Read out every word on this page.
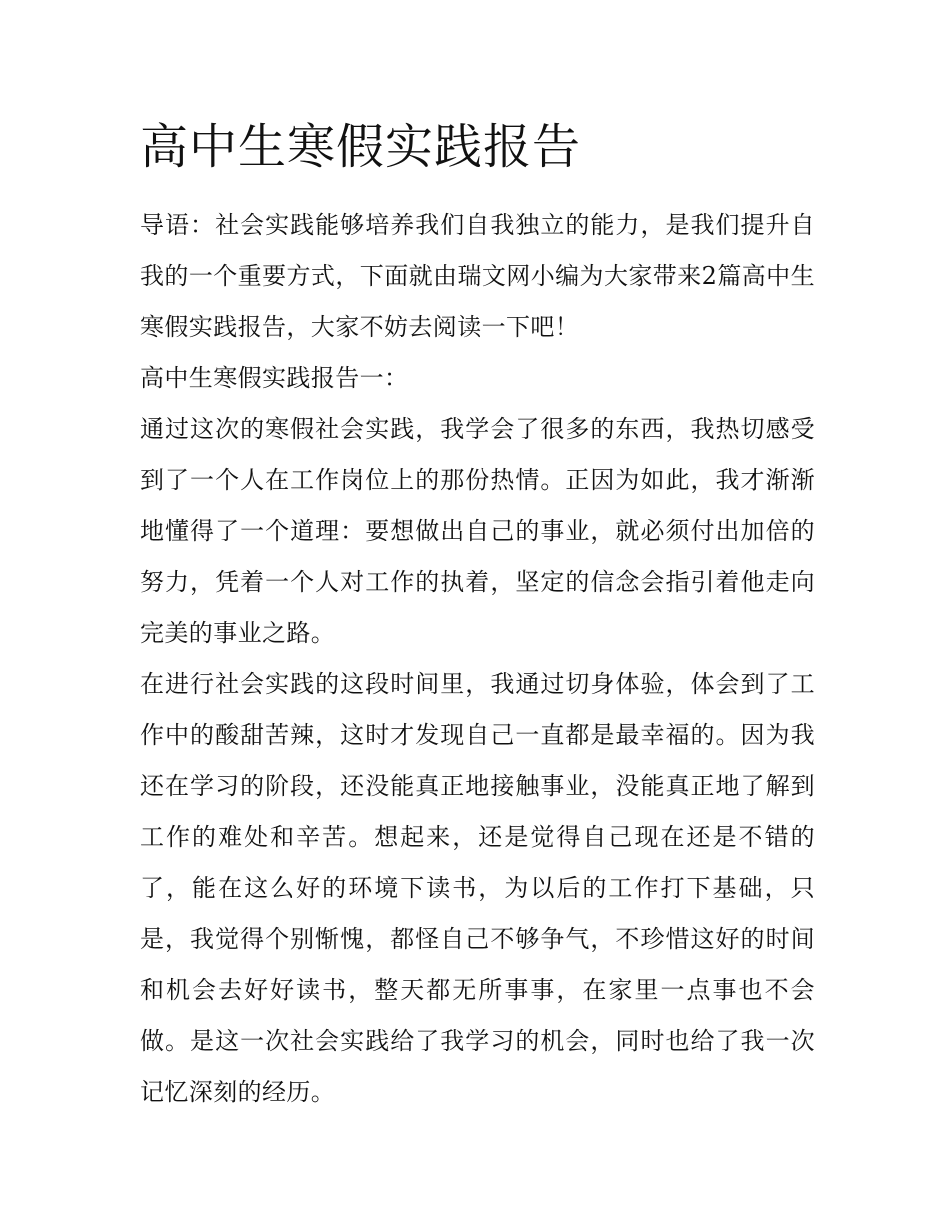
高中生寒假实践报告

导语：社会实践能够培养我们自我独立的能力，是我们提升自我的一个重要方式，下面就由瑞文网小编为大家带来2篇高中生寒假实践报告，大家不妨去阅读一下吧！

高中生寒假实践报告一：

通过这次的寒假社会实践，我学会了很多的东西，我热切感受到了一个人在工作岗位上的那份热情。正因为如此，我才渐渐地懂得了一个道理：要想做出自己的事业，就必须付出加倍的努力，凭着一个人对工作的执着，坚定的信念会指引着他走向完美的事业之路。

在进行社会实践的这段时间里，我通过切身体验，体会到了工作中的酸甜苦辣，这时才发现自己一直都是最幸福的。因为我还在学习的阶段，还没能真正地接触事业，没能真正地了解到工作的难处和辛苦。想起来，还是觉得自己现在还是不错的了，能在这么好的环境下读书，为以后的工作打下基础，只是，我觉得个别惭愧，都怪自己不够争气，不珍惜这好的时间和机会去好好读书，整天都无所事事，在家里一点事也不会做。是这一次社会实践给了我学习的机会，同时也给了我一次记忆深刻的经历。
